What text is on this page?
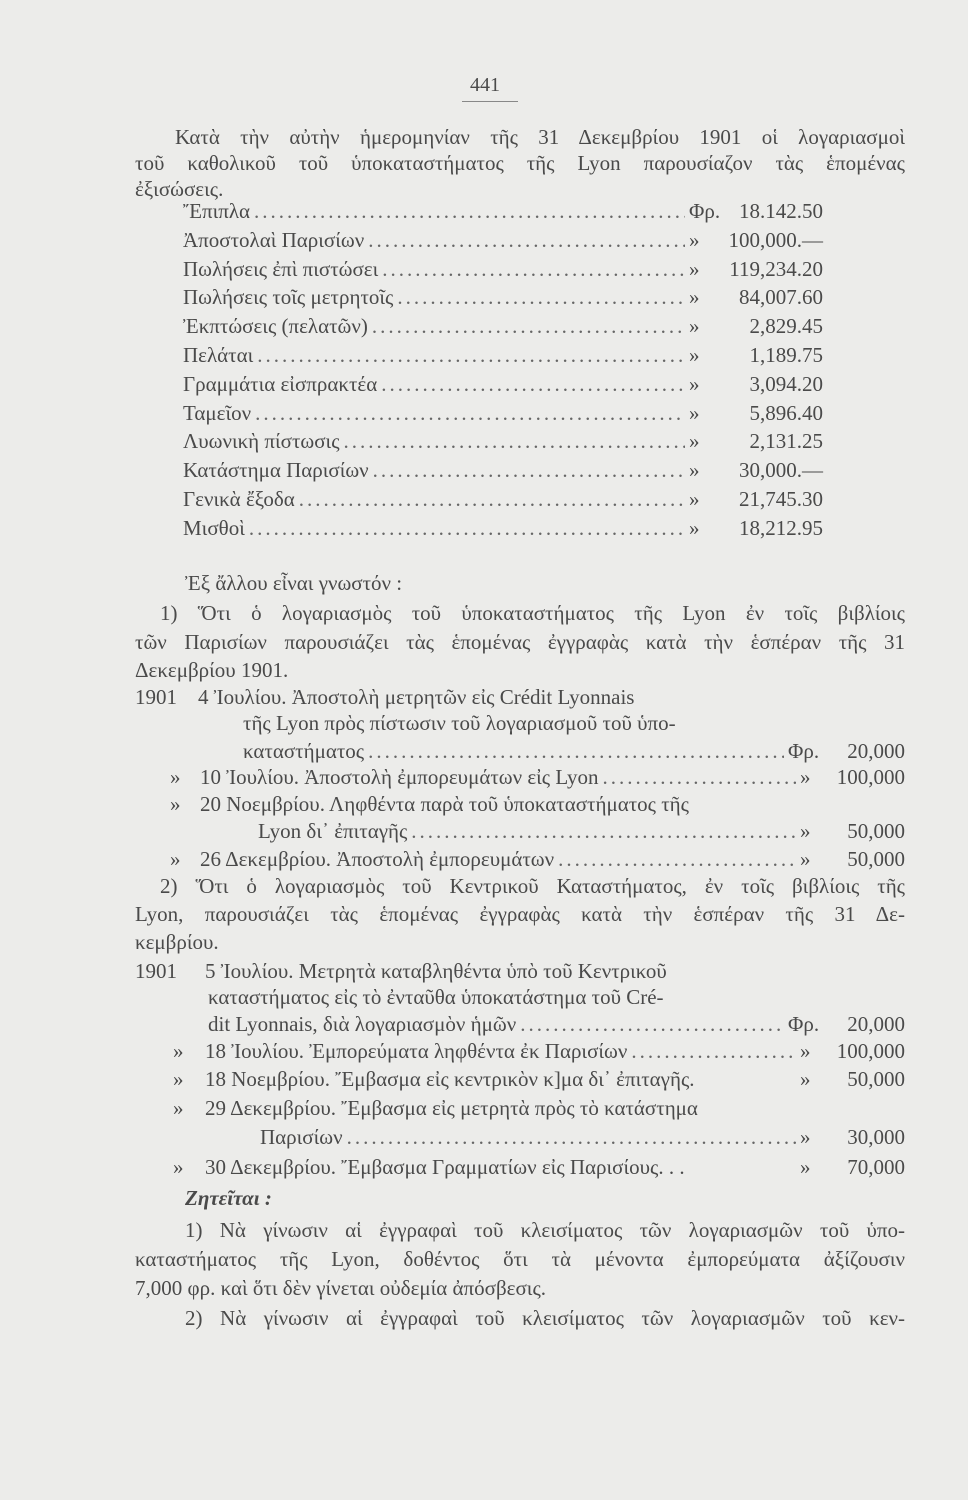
441
Κατὰ τὴν αὐτὴν ἡμερομηνίαν τῆς 31 Δεκεμβρίου 1901 οἱ λογαριασμοὶ
τοῦ καθολικοῦ τοῦ ὑποκαταστήματος τῆς Lyon παρουσίαζον τὰς ἑπομένας
ἐξισώσεις.
Ἔπιπλα .....	Φρ. 18.142.50
Ἀποστολαὶ Παρισίων .....	»	100,000.—
Πωλήσεις ἐπὶ πιστώσει .....	»	119,234.20
Πωλήσεις τοῖς μετρητοῖς .....	»	84,007.60
Ἐκπτώσεις (πελατῶν) .....	»	2,829.45
Πελάται .....	»	1,189.75
Γραμμάτια εἰσπρακτέα .....	»	3,094.20
Ταμεῖον .....	»	5,896.40
Λυωνικὴ πίστωσις .....	»	2,131.25
Κατάστημα Παρισίων .....	»	30,000.—
Γενικὰ ἔξοδα .....	»	21,745.30
Μισθοὶ .....	»	18,212.95
Ἐξ ἄλλου εἶναι γνωστόν :
1) Ὅτι ὁ λογαριασμὸς τοῦ ὑποκαταστήματος τῆς Lyon ἐν τοῖς βιβλίοις
τῶν Παρισίων παρουσιάζει τὰς ἑπομένας ἐγγραφὰς κατὰ τὴν ἑσπέραν τῆς 31
Δεκεμβρίου 1901.
1901 4 Ἰουλίου. Ἀποστολὴ μετρητῶν εἰς Crédit Lyonnais
τῆς Lyon πρὸς πίστωσιν τοῦ λογαριασμοῦ τοῦ ὑπο-
καταστήματος .....	Φρ.	20,000
» 10 Ἰουλίου. Ἀποστολὴ ἐμπορευμάτων εἰς Lyon .....	»	100,000
» 20 Νοεμβρίου. Ληφθέντα παρὰ τοῦ ὑποκαταστήματος τῆς
Lyon δι᾽ ἐπιταγῆς .....	»	50,000
» 26 Δεκεμβρίου. Ἀποστολὴ ἐμπορευμάτων .....	»	50,000
2) Ὅτι ὁ λογαριασμὸς τοῦ Κεντρικοῦ Καταστήματος, ἐν τοῖς βιβλίοις τῆς
Lyon, παρουσιάζει τὰς ἑπομένας ἐγγραφὰς κατὰ τὴν ἑσπέραν τῆς 31 Δε-
κεμβρίου.
1901 5 Ἰουλίου. Μετρητὰ καταβληθέντα ὑπὸ τοῦ Κεντρικοῦ
καταστήματος εἰς τὸ ἐνταῦθα ὑποκατάστημα τοῦ Cré-
dit Lyonnais, διὰ λογαριασμὸν ἡμῶν .....	Φρ.	20,000
» 18 Ἰουλίου. Ἐμπορεύματα ληφθέντα ἐκ Παρισίων .....	»	100,000
» 18 Νοεμβρίου. Ἔμβασμα εἰς κεντρικὸν κ]μα δι᾽ ἐπιταγῆς.	»	50,000
» 29 Δεκεμβρίου. Ἔμβασμα εἰς μετρητὰ πρὸς τὸ κατάστημα
Παρισίων .....	»	30,000
» 30 Δεκεμβρίου. Ἔμβασμα Γραμματίων εἰς Παρισίους. . .	»	70,000
Ζητεῖται :
1) Νὰ γίνωσιν αἱ ἐγγραφαὶ τοῦ κλεισίματος τῶν λογαριασμῶν τοῦ ὑπο-
καταστήματος τῆς Lyon, δοθέντος ὅτι τὰ μένοντα ἐμπορεύματα ἀξίζουσιν
7,000 φρ. καὶ ὅτι δὲν γίνεται οὐδεμία ἀπόσβεσις.
2) Νὰ γίνωσιν αἱ ἐγγραφαὶ τοῦ κλεισίματος τῶν λογαριασμῶν τοῦ κεν-
